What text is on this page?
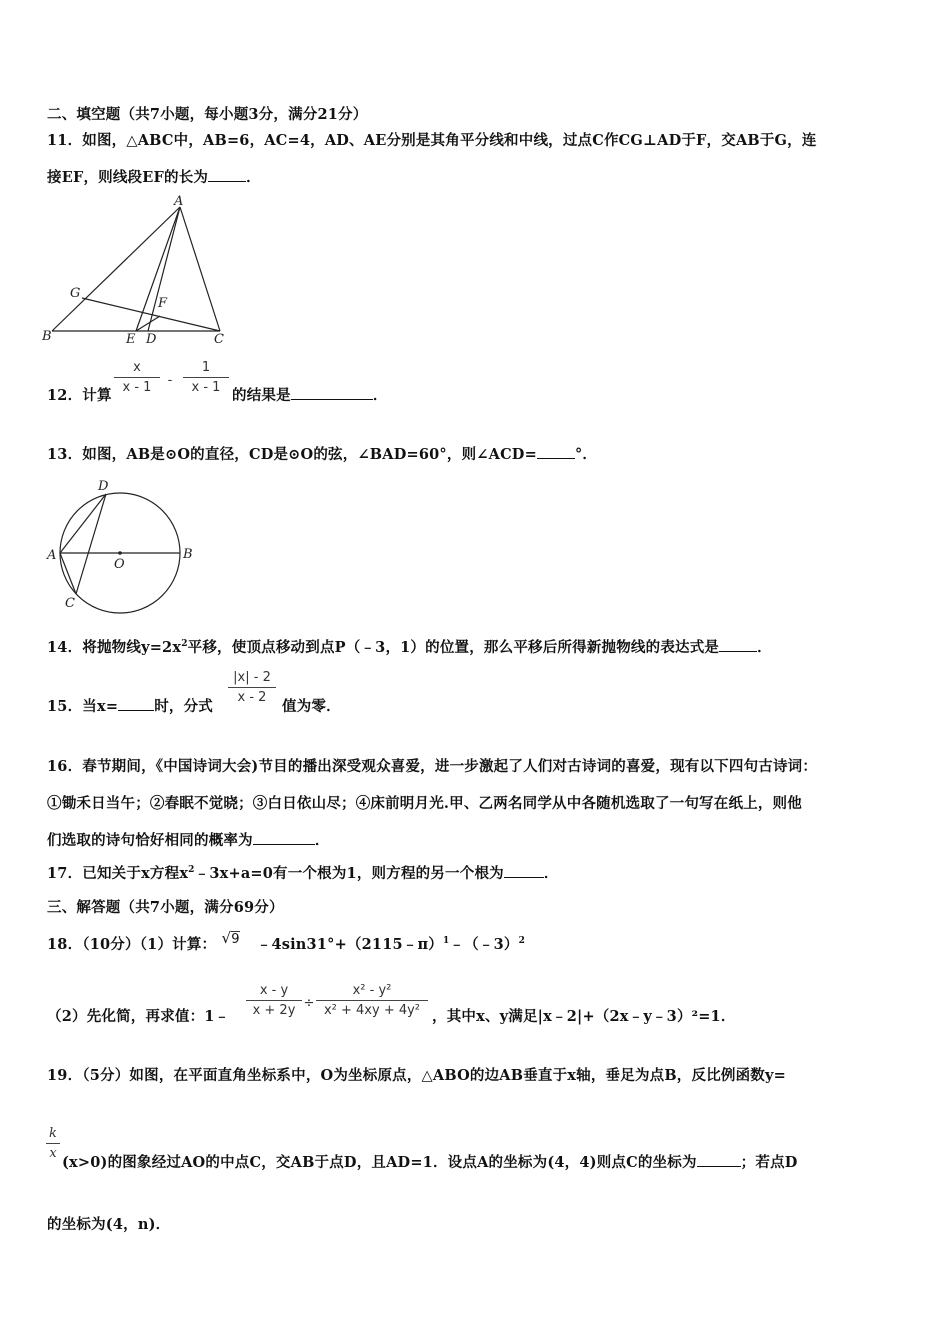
二、填空题（共7小题，每小题3分，满分21分）
11．如图，△ABC中，AB=6，AC=4，AD、AE分别是其角平分线和中线，过点C作CG⊥AD于F，交AB于G，连
接EF，则线段EF的长为	．
A
B	C
D
E
F
G
12．计算
x
x - 1	-
1
x - 1 的结果是	．
13．如图，AB是⊙O的直径，CD是⊙O的弦，∠BAD=60°，则∠ACD=	°．
A	B
C
D
O
14．将抛物线$y=2x^2$平移，使顶点移动到点P（﹣3，1）的位置，那么平移后所得新抛物线的表达式是	．
15．当x= 时，分式
|x| - 2
x - 2
值为零．
16．春节期间，《中国诗词大会)节目的播出深受观众喜爱，进一步激起了人们对古诗词的喜爱，现有以下四句古诗词：
①锄禾日当午；②春眠不觉晓；③白日依山尽；④床前明月光.甲、乙两名同学从中各随机选取了一句写在纸上，则他
们选取的诗句恰好相同的概率为	．
17．已知关于x方程$x^2﹣3x+a=0$有一个根为1，则方程的另一个根为	．
三、解答题（共7小题，满分69分）
18．（10分）（1）计算： √9 ﹣4sin31°+（2115﹣π）$^1$﹣（﹣3）$^2$
（2）先化简，再求值：1﹣
x - y
x + 2y ÷
x² - y²
x² + 4xy + 4y² ，其中x、y满足|x﹣2|+（2x﹣y﹣3）²=1．
19．（5分）如图，在平面直角坐标系中，O为坐标原点，△ABO的边AB垂直于x轴，垂足为点B，反比例函数y=
k
x
(x>0)的图象经过AO的中点C，交AB于点D，且AD=1．设点A的坐标为(4，4)则点C的坐标为	；若点D
的坐标为(4，n)．
